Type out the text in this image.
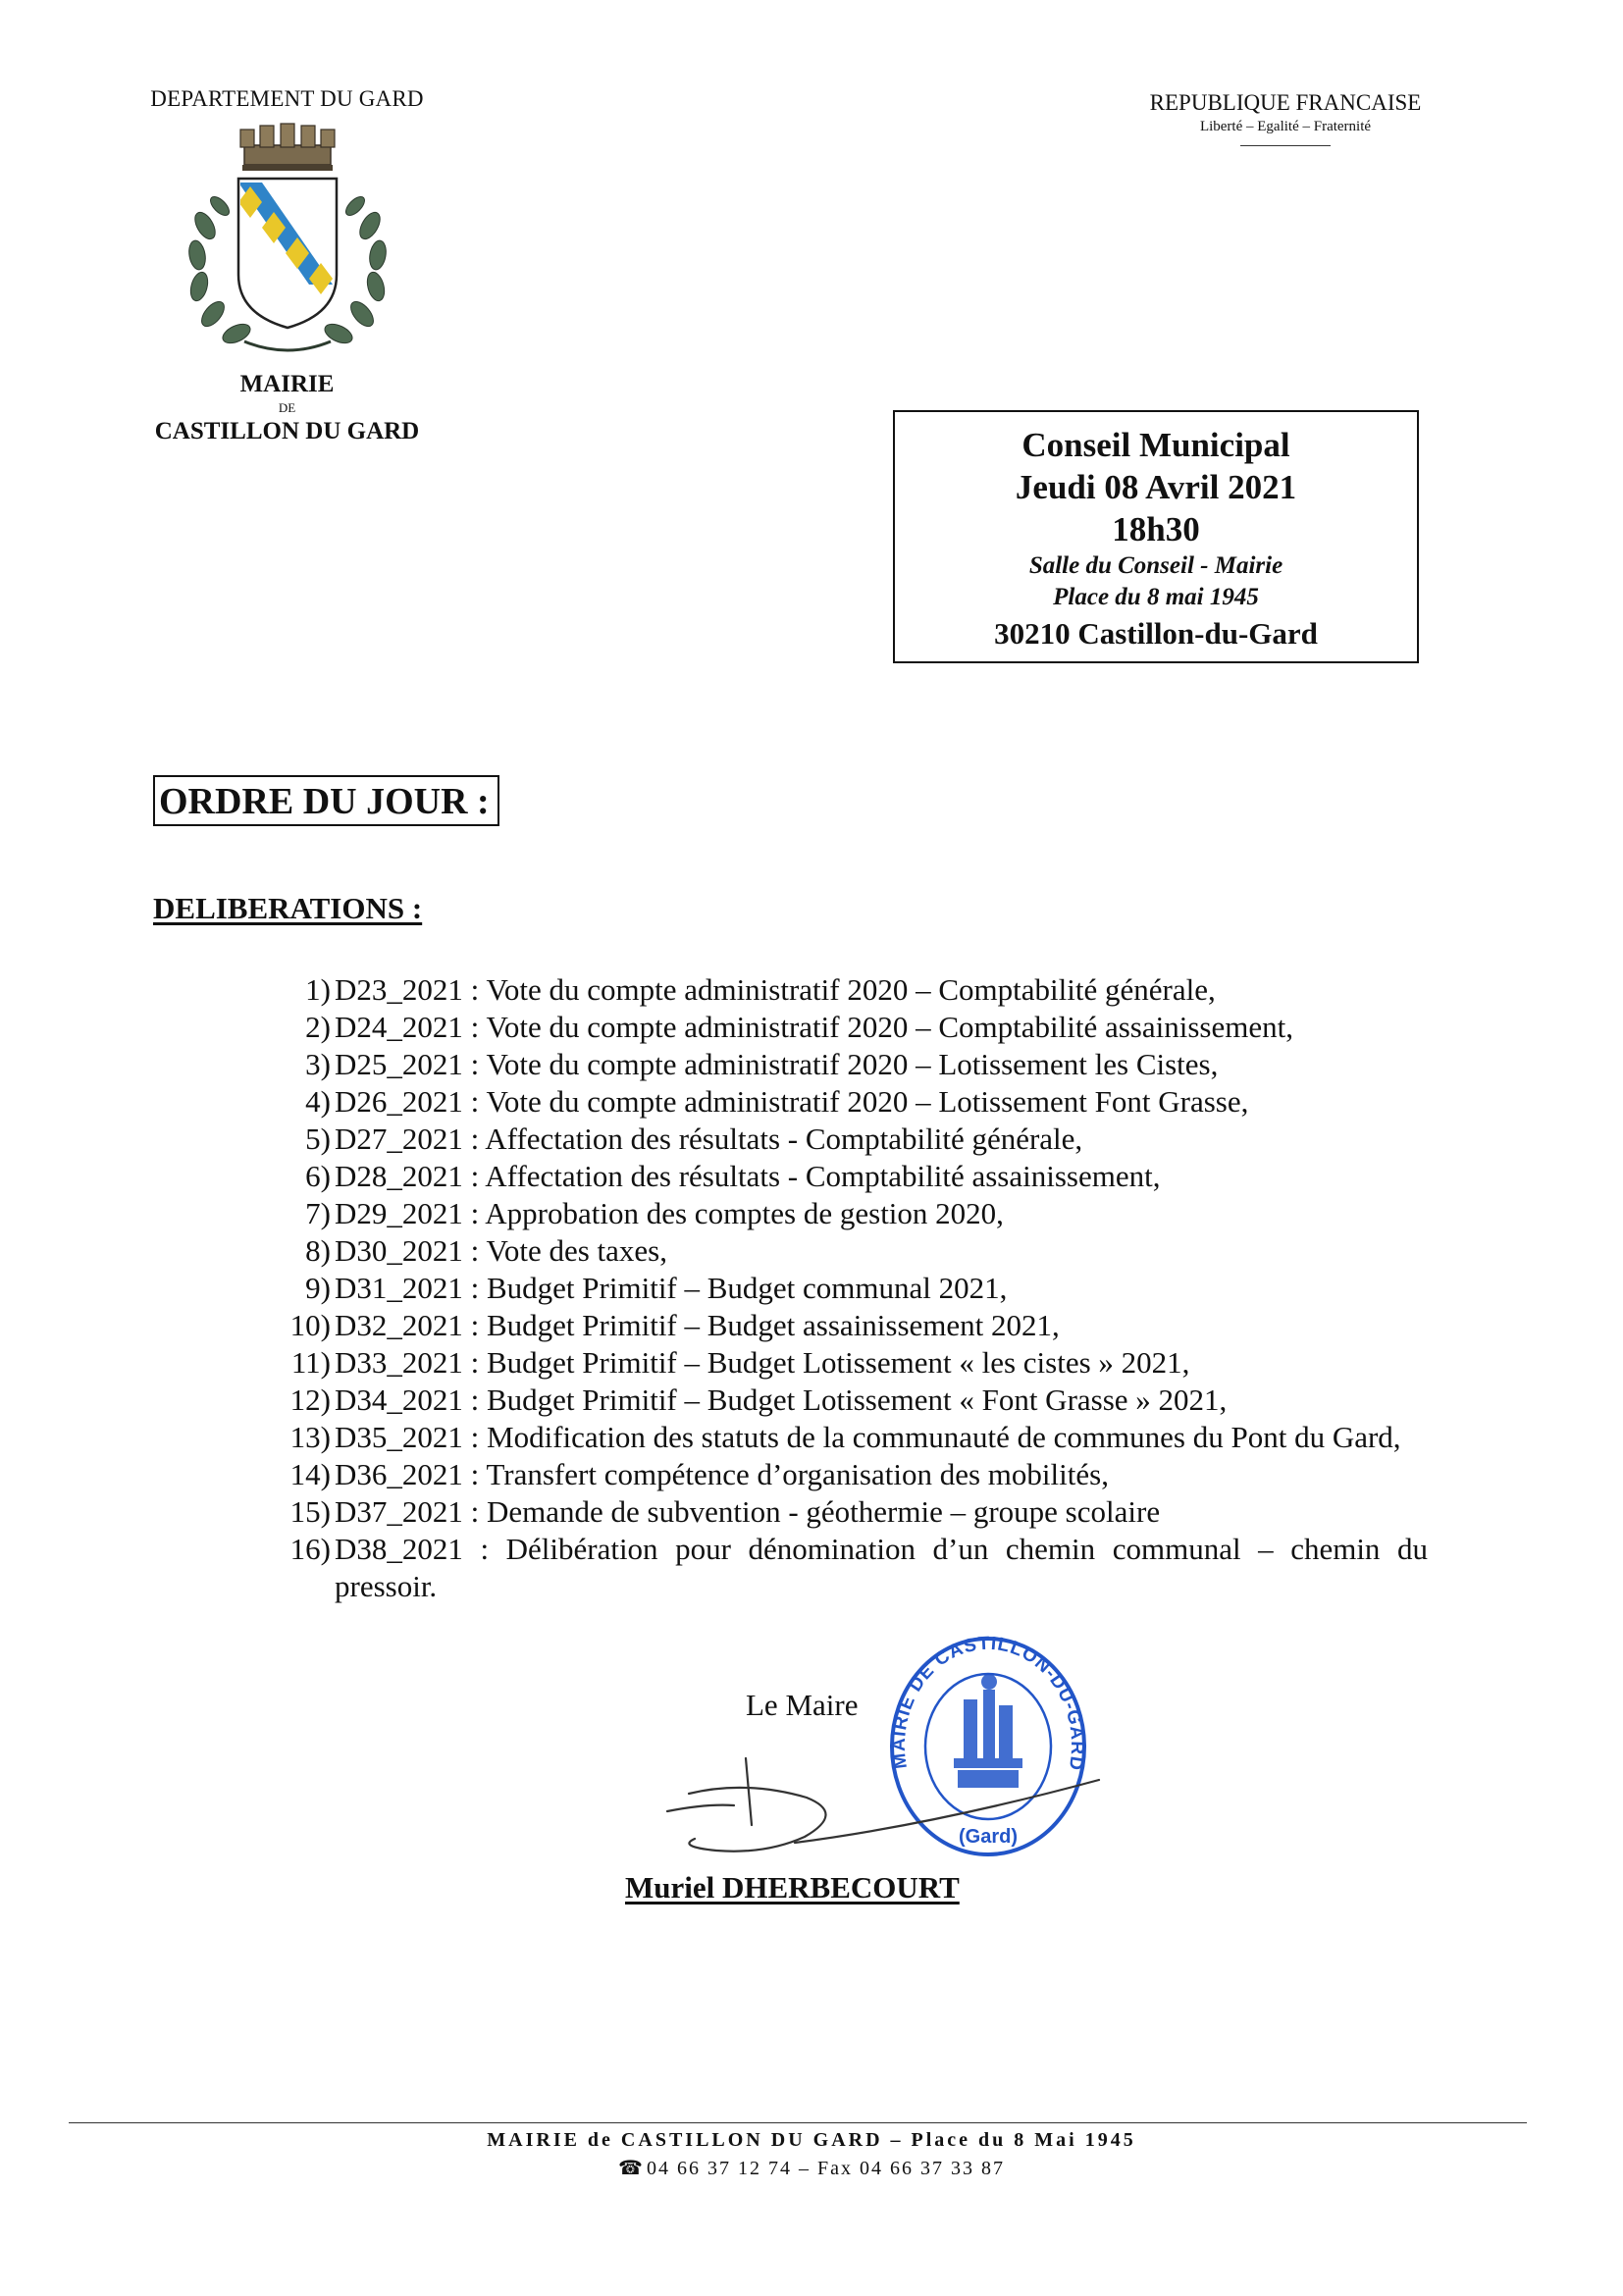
DEPARTEMENT DU GARD
MAIRIE
DE
CASTILLON DU GARD
REPUBLIQUE FRANCAISE
Liberté – Egalité – Fraternité
Conseil Municipal
Jeudi 08 Avril 2021
18h30
Salle du Conseil - Mairie
Place du 8 mai 1945
30210 Castillon-du-Gard
ORDRE DU JOUR :
DELIBERATIONS :
1) D23_2021 : Vote du compte administratif 2020 – Comptabilité générale,
2) D24_2021 : Vote du compte administratif 2020 – Comptabilité assainissement,
3) D25_2021 : Vote du compte administratif 2020 – Lotissement les Cistes,
4) D26_2021 : Vote du compte administratif 2020 – Lotissement Font Grasse,
5) D27_2021 : Affectation des résultats - Comptabilité générale,
6) D28_2021 : Affectation des résultats - Comptabilité assainissement,
7) D29_2021 : Approbation des comptes de gestion 2020,
8) D30_2021 : Vote des taxes,
9) D31_2021 : Budget Primitif – Budget communal 2021,
10) D32_2021 : Budget Primitif – Budget assainissement 2021,
11) D33_2021 : Budget Primitif – Budget Lotissement « les cistes » 2021,
12) D34_2021 : Budget Primitif – Budget Lotissement « Font Grasse » 2021,
13) D35_2021 : Modification des statuts de la communauté de communes du Pont du Gard,
14) D36_2021 : Transfert compétence d’organisation des mobilités,
15) D37_2021 : Demande de subvention - géothermie – groupe scolaire
16) D38_2021 : Délibération pour dénomination d’un chemin communal – chemin du pressoir.
Le Maire
MAIRIE DE CASTILLON-DU-GARD
(Gard)
Muriel DHERBECOURT
MAIRIE de CASTILLON DU GARD – Place du 8 Mai 1945
☎ 04 66 37 12 74 – Fax 04 66 37 33 87
